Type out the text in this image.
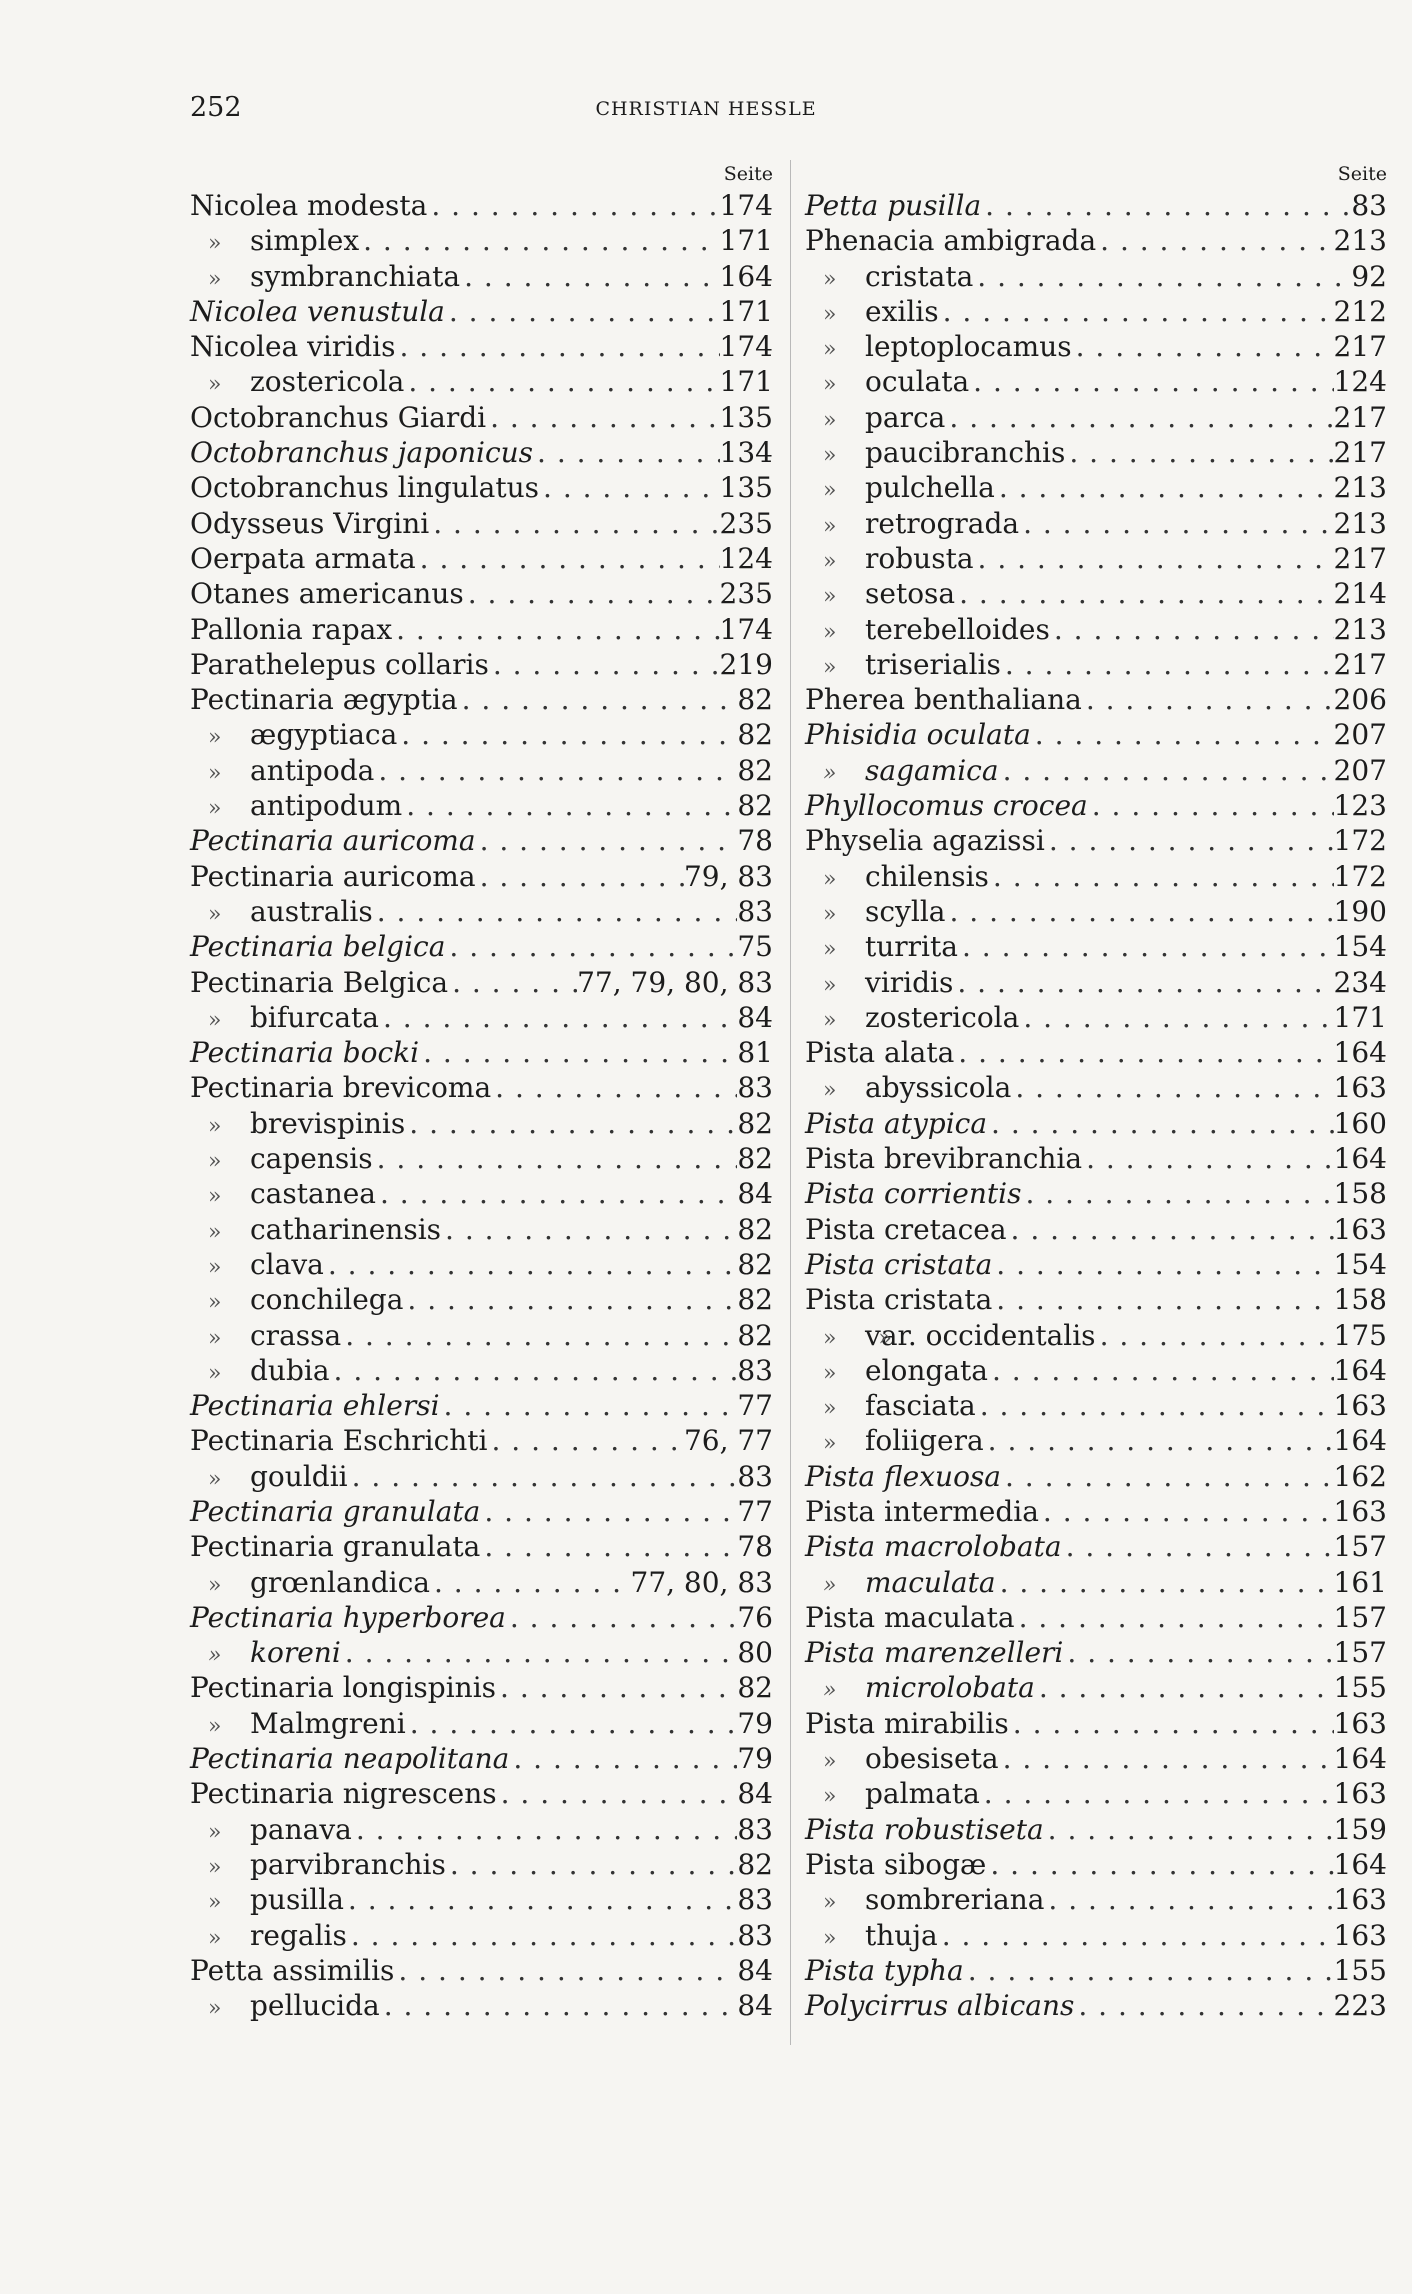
252	CHRISTIAN HESSLE
Seite
Nicolea modesta . . .	174
» simplex . . .	171
» symbranchiata . . .	164
Nicolea venustula . . .	171
Nicolea viridis . . .	174
» zostericola . . .	171
Octobranchus Giardi . . .	135
Octobranchus japonicus . . .	134
Octobranchus lingulatus . . .	135
Odysseus Virgini . . .	235
Oerpata armata . . .	124
Otanes americanus . . .	235
Pallonia rapax . . .	174
Parathelepus collaris . . .	219
Pectinaria ægyptia . . .	82
» ægyptiaca . . .	82
» antipoda . . .	82
» antipodum . . .	82
Pectinaria auricoma . . .	78
Pectinaria auricoma . . .	79, 83
» australis . . .	83
Pectinaria belgica . . .	75
Pectinaria Belgica . . .	77, 79, 80, 83
» bifurcata . . .	84
Pectinaria bocki . . .	81
Pectinaria brevicoma . . .	83
» brevispinis . . .	82
» capensis . . .	82
» castanea . . .	84
» catharinensis . . .	82
» clava . . .	82
» conchilega . . .	82
» crassa . . .	82
» dubia . . .	83
Pectinaria ehlersi . . .	77
Pectinaria Eschrichti . . .	76, 77
» gouldii . . .	83
Pectinaria granulata . . .	77
Pectinaria granulata . . .	78
» grœnlandica . . .	77, 80, 83
Pectinaria hyperborea . . .	76
» koreni . . .	80
Pectinaria longispinis . . .	82
» Malmgreni . . .	79
Pectinaria neapolitana . . .	79
Pectinaria nigrescens . . .	84
» panava . . .	83
» parvibranchis . . .	82
» pusilla . . .	83
» regalis . . .	83
Petta assimilis . . .	84
» pellucida . . .	84
Seite
Petta pusilla . . .	83
Phenacia ambigrada . . .	213
» cristata . . .	92
» exilis . . .	212
» leptoplocamus . . .	217
» oculata . . .	124
» parca . . .	217
» paucibranchis . . .	217
» pulchella . . .	213
» retrograda . . .	213
» robusta . . .	217
» setosa . . .	214
» terebelloides . . .	213
» triserialis . . .	217
Pherea benthaliana . . .	206
Phisidia oculata . . .	207
» sagamica . . .	207
Phyllocomus crocea . . .	123
Physelia agazissi . . .	172
» chilensis . . .	172
» scylla . . .	190
» turrita . . .	154
» viridis . . .	234
» zostericola . . .	171
Pista alata . . .	164
» abyssicola . . .	163
Pista atypica . . .	160
Pista brevibranchia . . .	164
Pista corrientis . . .	158
Pista cretacea . . .	163
Pista cristata . . .	154
Pista cristata . . .	158
» » var. occidentalis . . .	175
» elongata . . .	164
» fasciata . . .	163
» foliigera . . .	164
Pista flexuosa . . .	162
Pista intermedia . . .	163
Pista macrolobata . . .	157
» maculata . . .	161
Pista maculata . . .	157
Pista marenzelleri . . .	157
» microlobata . . .	155
Pista mirabilis . . .	163
» obesiseta . . .	164
» palmata . . .	163
Pista robustiseta . . .	159
Pista sibogæ . . .	164
» sombreriana . . .	163
» thuja . . .	163
Pista typha . . .	155
Polycirrus albicans . . .	223
